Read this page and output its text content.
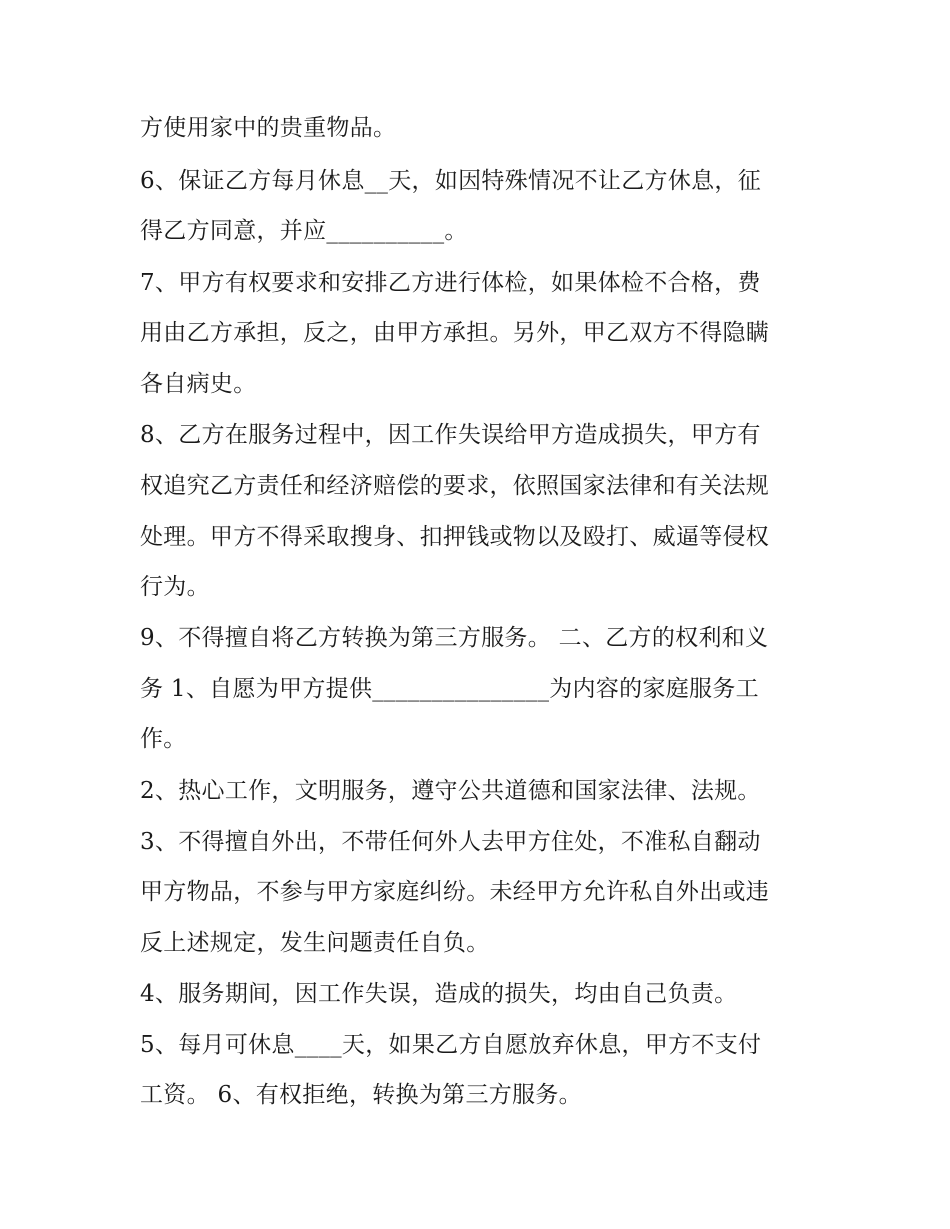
方使用家中的贵重物品。

6、保证乙方每月休息__天，如因特殊情况不让乙方休息，征

得乙方同意，并应__________。

7、甲方有权要求和安排乙方进行体检，如果体检不合格，费

用由乙方承担，反之，由甲方承担。另外，甲乙双方不得隐瞒

各自病史。

8、乙方在服务过程中，因工作失误给甲方造成损失，甲方有

权追究乙方责任和经济赔偿的要求，依照国家法律和有关法规

处理。甲方不得采取搜身、扣押钱或物以及殴打、威逼等侵权

行为。

9、不得擅自将乙方转换为第三方服务。 二、乙方的权利和义

务 1、自愿为甲方提供_______________为内容的家庭服务工

作。

2、热心工作，文明服务，遵守公共道德和国家法律、法规。

3、不得擅自外出，不带任何外人去甲方住处，不准私自翻动

甲方物品，不参与甲方家庭纠纷。未经甲方允许私自外出或违

反上述规定，发生问题责任自负。

4、服务期间，因工作失误，造成的损失，均由自己负责。

5、每月可休息____天，如果乙方自愿放弃休息，甲方不支付

工资。 6、有权拒绝，转换为第三方服务。
